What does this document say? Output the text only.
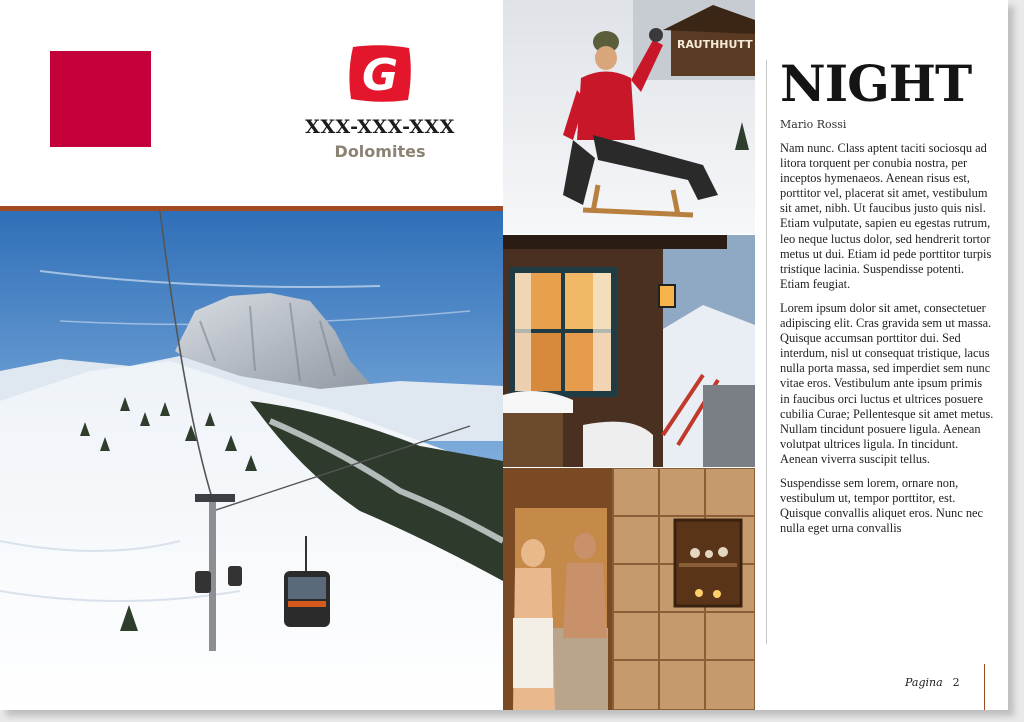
G
XXX-XXX-XXX
Dolomites
RAUTHHUTT
NIGHT
Mario Rossi

Nam nunc. Class aptent taciti sociosqu ad litora torquent per conubia nostra, per inceptos hymenaeos. Aenean risus est, porttitor vel, placerat sit amet, vestibulum sit amet, nibh. Ut faucibus justo quis nisl. Etiam vulputate, sapien eu egestas rutrum, leo neque luctus dolor, sed hendrerit tortor metus ut dui. Etiam id pede porttitor turpis tristique lacinia. Suspendisse potenti. Etiam feugiat.

Lorem ipsum dolor sit amet, consectetuer adipiscing elit. Cras gravida sem ut massa. Quisque accumsan porttitor dui. Sed interdum, nisl ut consequat tristique, lacus nulla porta massa, sed imperdiet sem nunc vitae eros. Vestibulum ante ipsum primis in faucibus orci luctus et ultrices posuere cubilia Curae; Pellentesque sit amet metus. Nullam tincidunt posuere ligula. Aenean volutpat ultrices ligula. In tincidunt. Aenean viverra suscipit tellus.

Suspendisse sem lorem, ornare non, vestibulum ut, tempor porttitor, est. Quisque convallis aliquet eros. Nunc nec nulla eget urna convallis

Pagina 2
